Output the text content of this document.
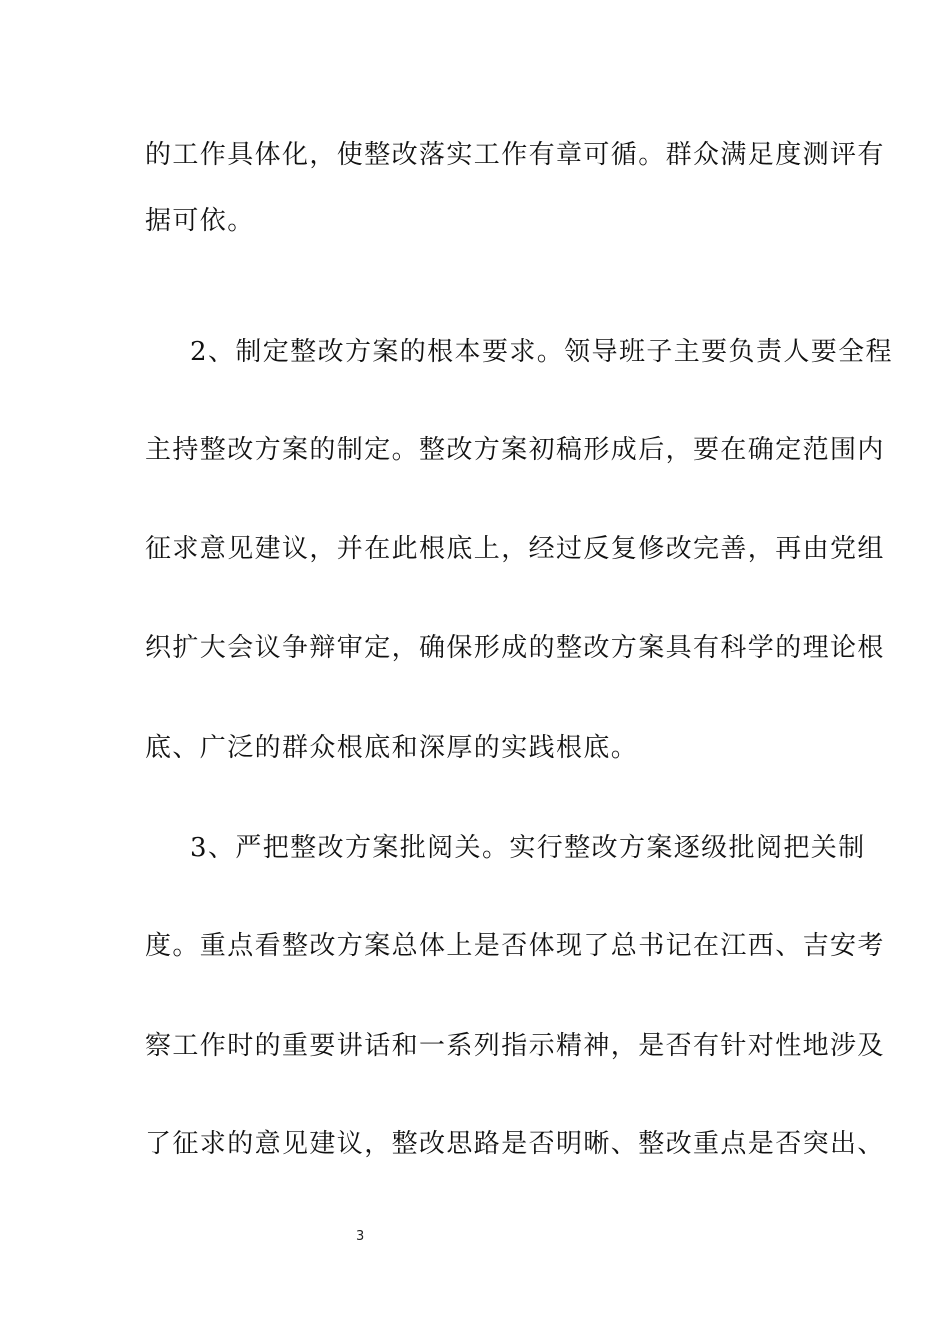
的工作具体化，使整改落实工作有章可循。群众满足度测评有
据可依。
2、制定整改方案的根本要求。领导班子主要负责人要全程
主持整改方案的制定。整改方案初稿形成后，要在确定范围内
征求意见建议，并在此根底上，经过反复修改完善，再由党组
织扩大会议争辩审定，确保形成的整改方案具有科学的理论根
底、广泛的群众根底和深厚的实践根底。
3、严把整改方案批阅关。实行整改方案逐级批阅把关制
度。重点看整改方案总体上是否体现了总书记在江西、吉安考
察工作时的重要讲话和一系列指示精神，是否有针对性地涉及
了征求的意见建议，整改思路是否明晰、整改重点是否突出、
3
